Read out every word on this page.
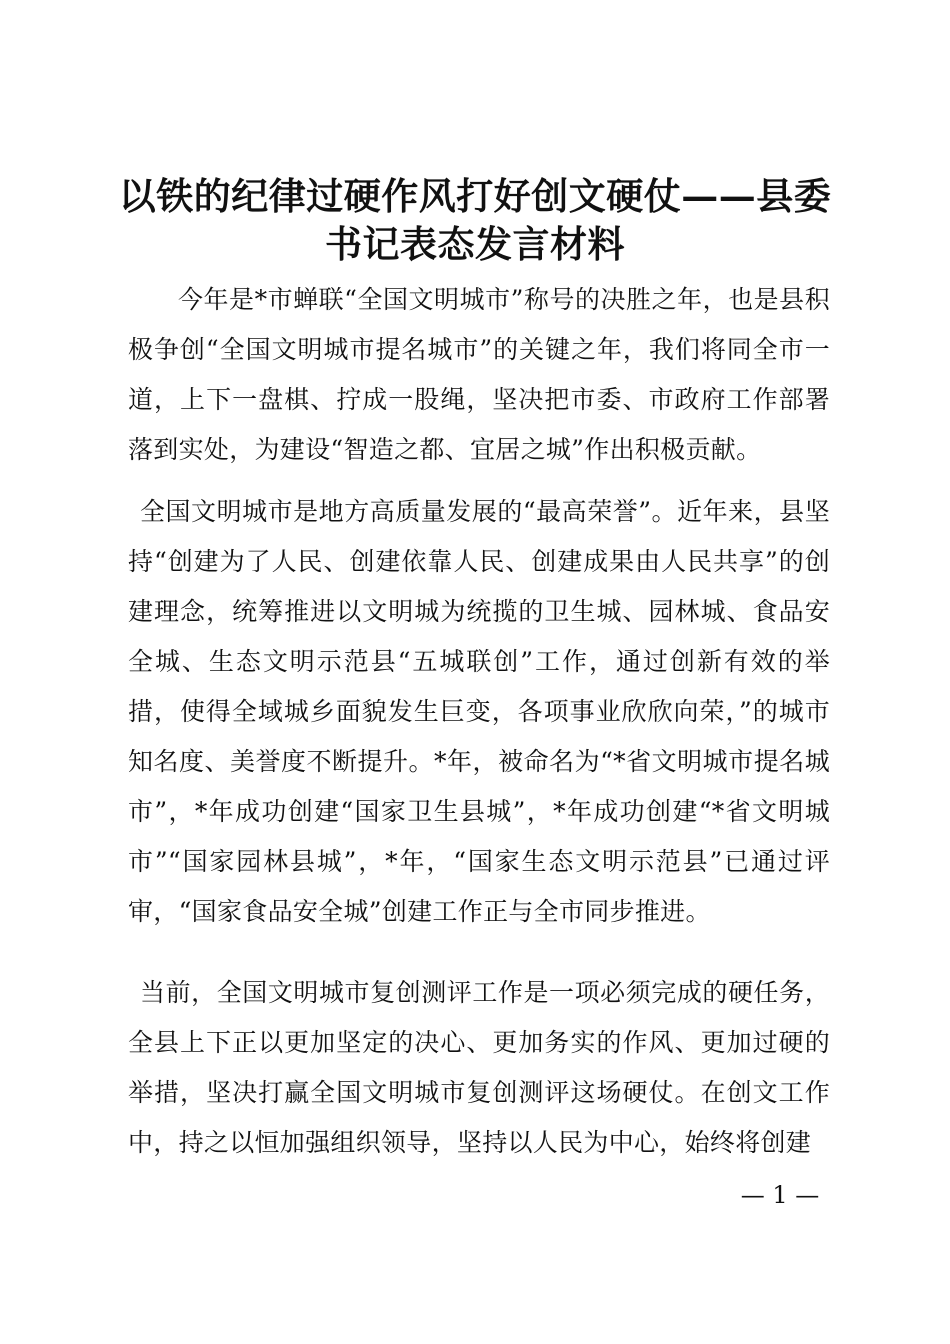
以铁的纪律过硬作风打好创文硬仗——县委书记表态发言材料

今年是*市蝉联“全国文明城市”称号的决胜之年，也是县积极争创“全国文明城市提名城市”的关键之年，我们将同全市一道，上下一盘棋、拧成一股绳，坚决把市委、市政府工作部署落到实处，为建设“智造之都、宜居之城”作出积极贡献。

全国文明城市是地方高质量发展的“最高荣誉”。近年来，县坚持“创建为了人民、创建依靠人民、创建成果由人民共享”的创建理念，统筹推进以文明城为统揽的卫生城、园林城、食品安全城、生态文明示范县“五城联创”工作，通过创新有效的举措，使得全域城乡面貌发生巨变，各项事业欣欣向荣，”的城市知名度、美誉度不断提升。*年，被命名为“*省文明城市提名城市”，*年成功创建“国家卫生县城”，*年成功创建“*省文明城市”“国家园林县城”，*年，“国家生态文明示范县”已通过评审，“国家食品安全城”创建工作正与全市同步推进。

当前，全国文明城市复创测评工作是一项必须完成的硬任务，全县上下正以更加坚定的决心、更加务实的作风、更加过硬的举措，坚决打赢全国文明城市复创测评这场硬仗。在创文工作中，持之以恒加强组织领导，坚持以人民为中心，始终将创建

— 1 —
